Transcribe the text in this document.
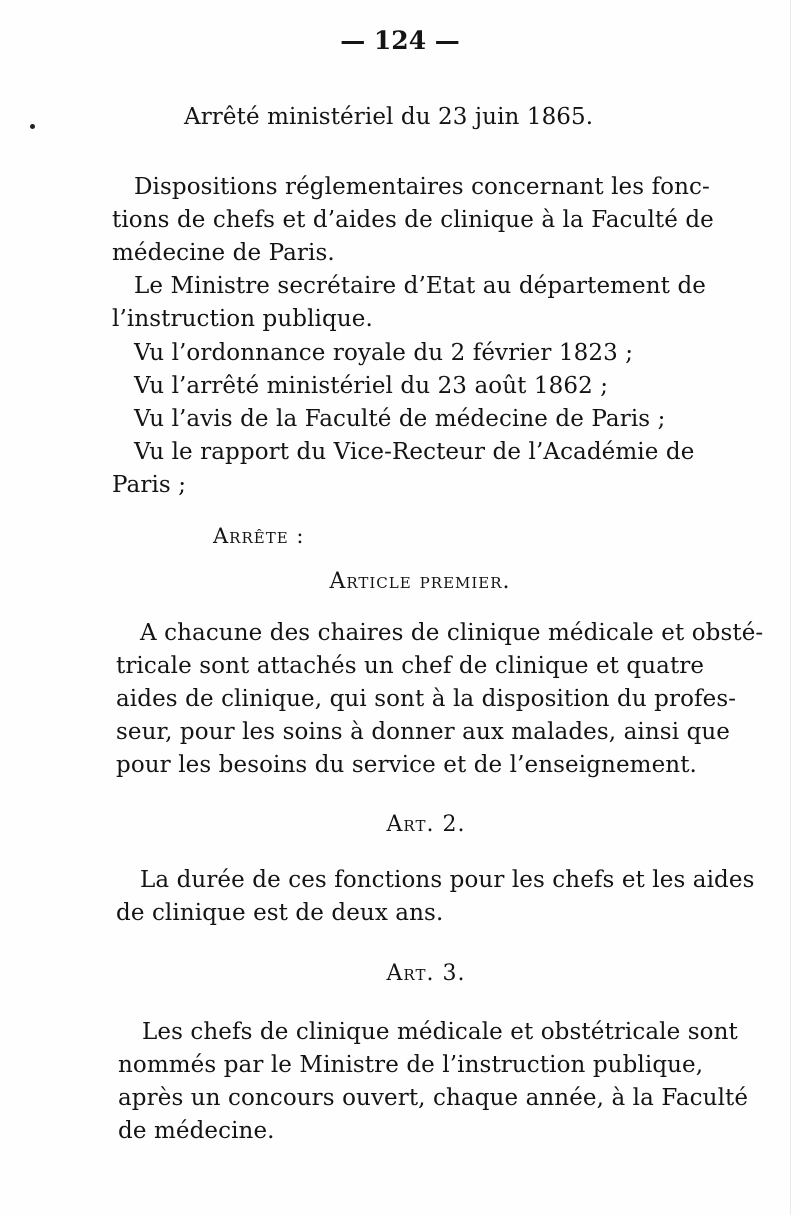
— 124 —
Arrêté ministériel du 23 juin 1865.
Dispositions réglementaires concernant les fonc-
tions de chefs et d’aides de clinique à la Faculté de
médecine de Paris.
Le Ministre secrétaire d’Etat au département de
l’instruction publique.
Vu l’ordonnance royale du 2 février 1823 ;
Vu l’arrêté ministériel du 23 août 1862 ;
Vu l’avis de la Faculté de médecine de Paris ;
Vu le rapport du Vice-Recteur de l’Académie de
Paris ;
Arrête :
Article premier.
A chacune des chaires de clinique médicale et obsté-
tricale sont attachés un chef de clinique et quatre
aides de clinique, qui sont à la disposition du profes-
seur, pour les soins à donner aux malades, ainsi que
pour les besoins du service et de l’enseignement.
Art. 2.
La durée de ces fonctions pour les chefs et les aides
de clinique est de deux ans.
Art. 3.
Les chefs de clinique médicale et obstétricale sont
nommés par le Ministre de l’instruction publique,
après un concours ouvert, chaque année, à la Faculté
de médecine.
